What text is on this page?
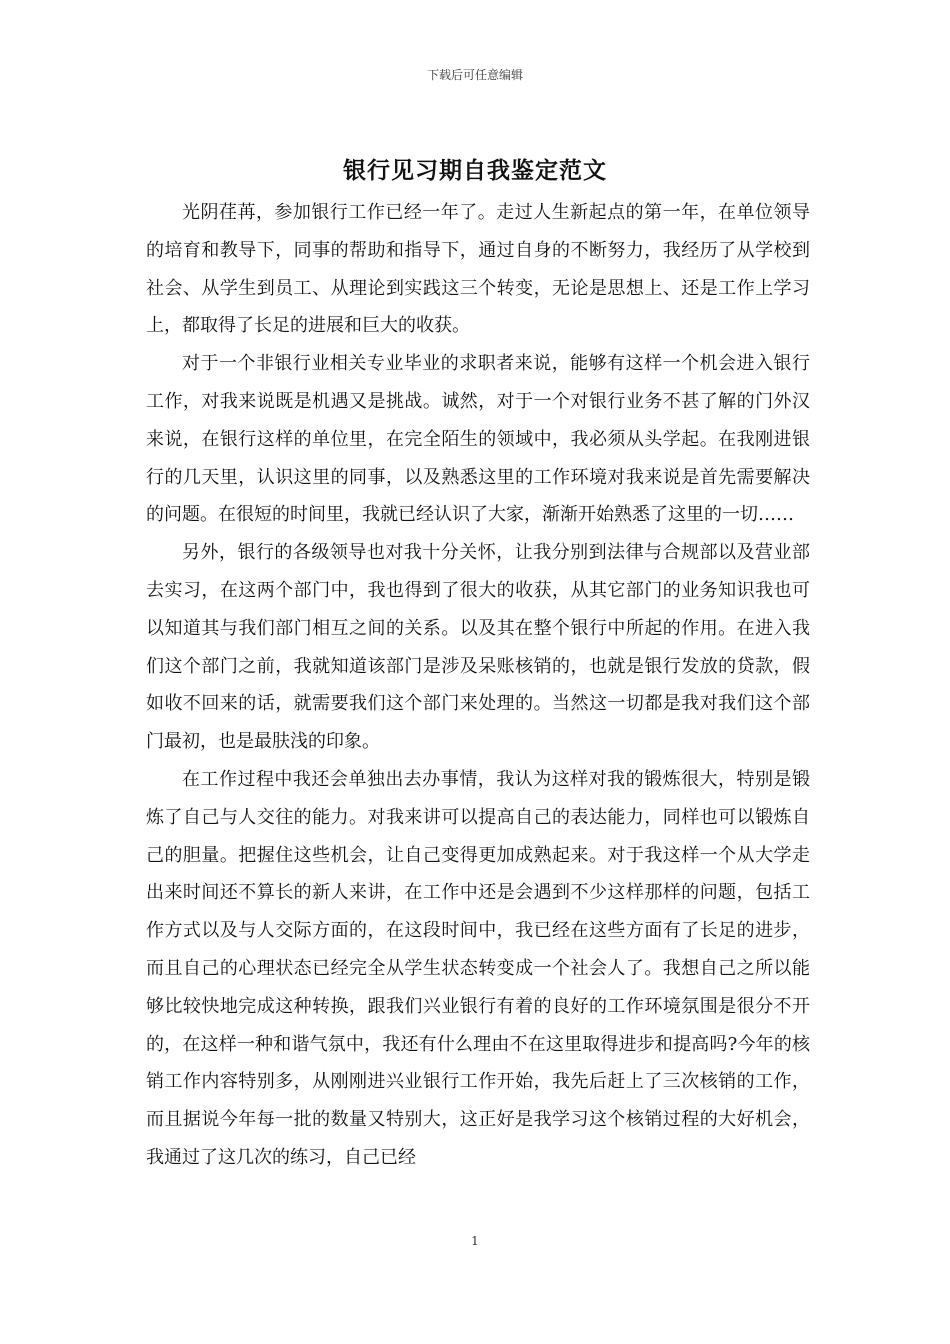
下载后可任意编辑
银行见习期自我鉴定范文

光阴荏苒，参加银行工作已经一年了。走过人生新起点的第一年，在单位领导的培育和教导下，同事的帮助和指导下，通过自身的不断努力，我经历了从学校到社会、从学生到员工、从理论到实践这三个转变，无论是思想上、还是工作上学习上，都取得了长足的进展和巨大的收获。

对于一个非银行业相关专业毕业的求职者来说，能够有这样一个机会进入银行工作，对我来说既是机遇又是挑战。诚然，对于一个对银行业务不甚了解的门外汉来说，在银行这样的单位里，在完全陌生的领域中，我必须从头学起。在我刚进银行的几天里，认识这里的同事，以及熟悉这里的工作环境对我来说是首先需要解决的问题。在很短的时间里，我就已经认识了大家，渐渐开始熟悉了这里的一切……

另外，银行的各级领导也对我十分关怀，让我分别到法律与合规部以及营业部去实习，在这两个部门中，我也得到了很大的收获，从其它部门的业务知识我也可以知道其与我们部门相互之间的关系。以及其在整个银行中所起的作用。在进入我们这个部门之前，我就知道该部门是涉及呆账核销的，也就是银行发放的贷款，假如收不回来的话，就需要我们这个部门来处理的。当然这一切都是我对我们这个部门最初，也是最肤浅的印象。

在工作过程中我还会单独出去办事情，我认为这样对我的锻炼很大，特别是锻炼了自己与人交往的能力。对我来讲可以提高自己的表达能力，同样也可以锻炼自己的胆量。把握住这些机会，让自己变得更加成熟起来。对于我这样一个从大学走出来时间还不算长的新人来讲，在工作中还是会遇到不少这样那样的问题，包括工作方式以及与人交际方面的，在这段时间中，我已经在这些方面有了长足的进步，而且自己的心理状态已经完全从学生状态转变成一个社会人了。我想自己之所以能够比较快地完成这种转换，跟我们兴业银行有着的良好的工作环境氛围是很分不开的，在这样一种和谐气氛中，我还有什么理由不在这里取得进步和提高吗?今年的核销工作内容特别多，从刚刚进兴业银行工作开始，我先后赶上了三次核销的工作，而且据说今年每一批的数量又特别大，这正好是我学习这个核销过程的大好机会，我通过了这几次的练习，自己已经

1
